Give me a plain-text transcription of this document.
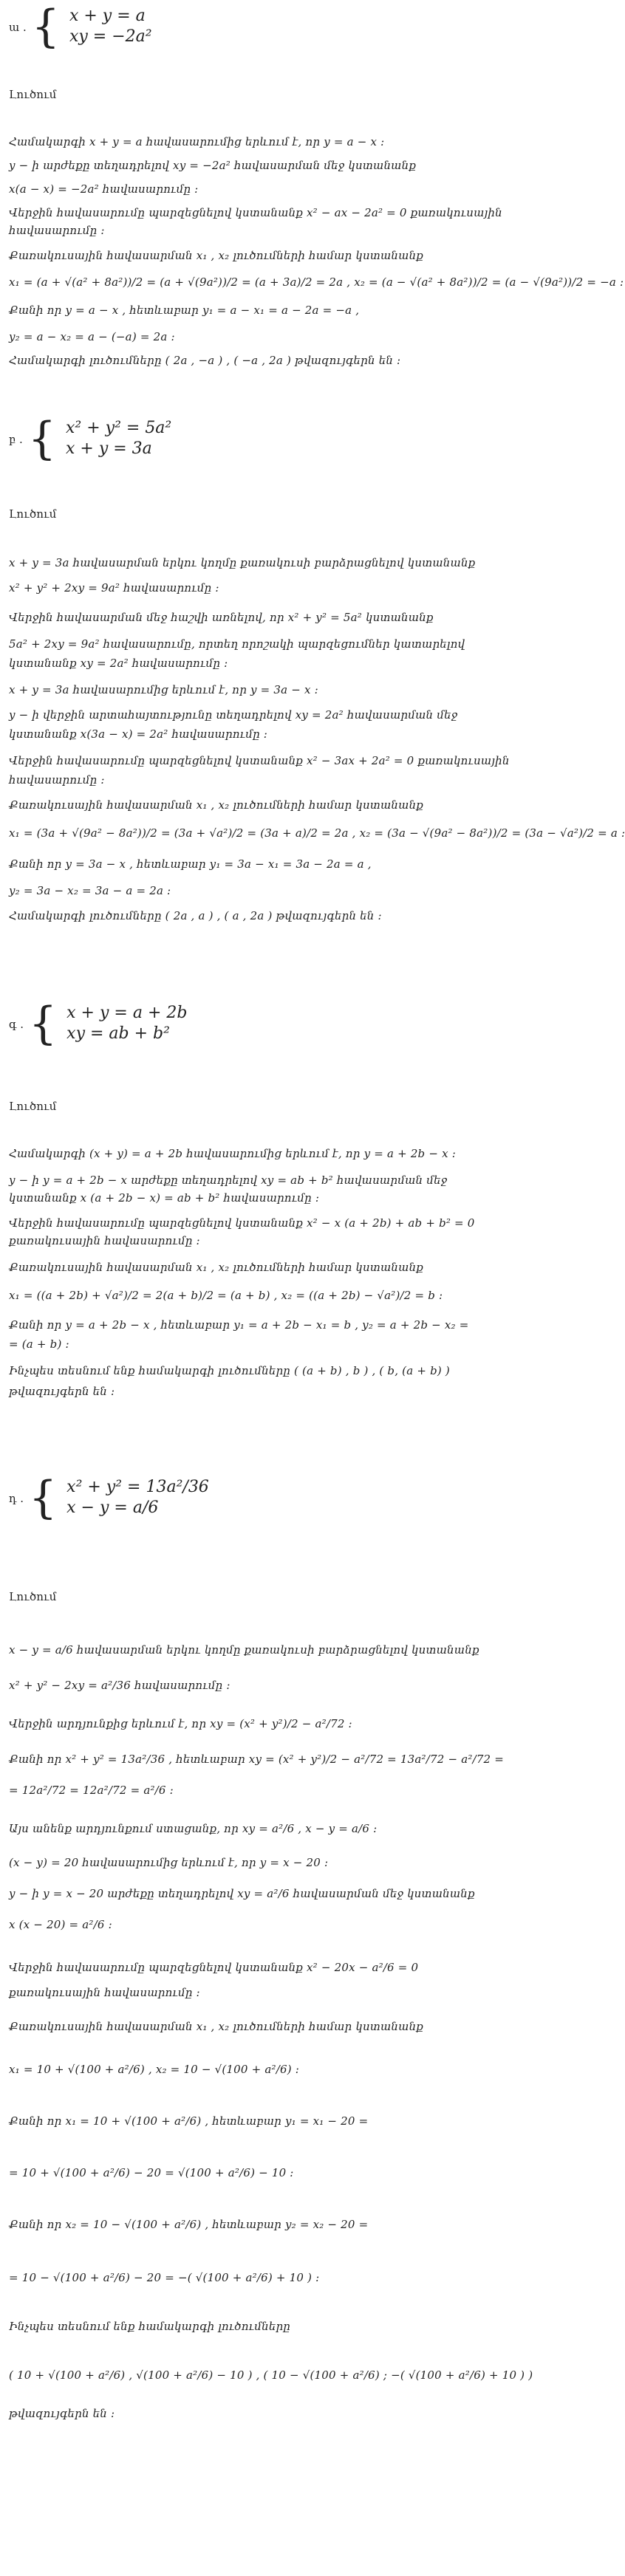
ա . { x + y = a
xy = −2a²
Լուծում
Համակարգի x + y = a հավասարումից երևում է, որ y = a − x :
y − ի արժեքը տեղադրելով xy = −2a² հավասարման մեջ կստանանք
x(a − x) = −2a² հավասարումը :
Վերջին հավասարումը պարզեցնելով կստանանք x² − ax − 2a² = 0 քառակուսային
հավասարումը :
Քառակուսային հավասարման x₁ , x₂ լուծումների համար կստանանք
x₁ = (a + √(a² + 8a²))/2 = (a + √(9a²))/2 = (a + 3a)/2 = 2a , x₂ = (a − √(a² + 8a²))/2 = (a − √(9a²))/2 = −a :
Քանի որ y = a − x , հետևաբար y₁ = a − x₁ = a − 2a = −a ,
y₂ = a − x₂ = a − (−a) = 2a :
Համակարգի լուծումները ( 2a , −a ) , ( −a , 2a ) թվազույգերն են :
բ . { x² + y² = 5a²
x + y = 3a
Լուծում
x + y = 3a հավասարման երկու կողմը քառակուսի բարձրացնելով կստանանք
x² + y² + 2xy = 9a² հավասարումը :
Վերջին հավասարման մեջ հաշվի առնելով, որ x² + y² = 5a² կստանանք
5a² + 2xy = 9a² հավասարումը, որտեղ որոշակի պարզեցումներ կատարելով
կստանանք xy = 2a² հավասարումը :
x + y = 3a հավասարումից երևում է, որ y = 3a − x :
y − ի վերջին արտահայտությունը տեղադրելով xy = 2a² հավասարման մեջ
կստանանք x(3a − x) = 2a² հավասարումը :
Վերջին հավասարումը պարզեցնելով կստանանք x² − 3ax + 2a² = 0 քառակուսային
հավասարումը :
Քառակուսային հավասարման x₁ , x₂ լուծումների համար կստանանք
x₁ = (3a + √(9a² − 8a²))/2 = (3a + √a²)/2 = (3a + a)/2 = 2a , x₂ = (3a − √(9a² − 8a²))/2 = (3a − √a²)/2 = a :
Քանի որ y = 3a − x , հետևաբար y₁ = 3a − x₁ = 3a − 2a = a ,
y₂ = 3a − x₂ = 3a − a = 2a :
Համակարգի լուծումները ( 2a , a ) , ( a , 2a ) թվազույգերն են :
գ . { x + y = a + 2b
xy = ab + b²
Լուծում
Համակարգի (x + y) = a + 2b հավասարումից երևում է, որ y = a + 2b − x :
y − ի y = a + 2b − x արժեքը տեղադրելով xy = ab + b² հավասարման մեջ
կստանանք x (a + 2b − x) = ab + b² հավասարումը :
Վերջին հավասարումը պարզեցնելով կստանանք x² − x (a + 2b) + ab + b² = 0
քառակուսային հավասարումը :
Քառակուսային հավասարման x₁ , x₂ լուծումների համար կստանանք
x₁ = ((a + 2b) + √a²)/2 = 2(a + b)/2 = (a + b) , x₂ = ((a + 2b) − √a²)/2 = b :
Քանի որ y = a + 2b − x , հետևաբար y₁ = a + 2b − x₁ = b , y₂ = a + 2b − x₂ =
= (a + b) :
Ինչպես տեսնում ենք համակարգի լուծումները ( (a + b) , b ) , ( b, (a + b) )
թվազույգերն են :
դ . { x² + y² = 13a²/36
x − y = a/6
Լուծում
x − y = a/6 հավասարման երկու կողմը քառակուսի բարձրացնելով կստանանք
x² + y² − 2xy = a²/36 հավասարումը :
Վերջին արդյունքից երևում է, որ xy = (x² + y²)/2 − a²/72 :
Քանի որ x² + y² = 13a²/36 , հետևաբար xy = (x² + y²)/2 − a²/72 = 13a²/72 − a²/72 =
= 12a²/72 = 12a²/72 = a²/6 :
Այս անենք արդյունքում ստացանք, որ xy = a²/6 , x − y = a/6 :
(x − y) = 20 հավասարումից երևում է, որ y = x − 20 :
y − ի y = x − 20 արժեքը տեղադրելով xy = a²/6 հավասարման մեջ կստանանք
x (x − 20) = a²/6 :
Վերջին հավասարումը պարզեցնելով կստանանք x² − 20x − a²/6 = 0
քառակուսային հավասարումը :
Քառակուսային հավասարման x₁ , x₂ լուծումների համար կստանանք
x₁ = 10 + √(100 + a²/6) , x₂ = 10 − √(100 + a²/6) :
Քանի որ x₁ = 10 + √(100 + a²/6) , հետևաբար y₁ = x₁ − 20 =
= 10 + √(100 + a²/6) − 20 = √(100 + a²/6) − 10 :
Քանի որ x₂ = 10 − √(100 + a²/6) , հետևաբար y₂ = x₂ − 20 =
= 10 − √(100 + a²/6) − 20 = −( √(100 + a²/6) + 10 ) :
Ինչպես տեսնում ենք համակարգի լուծումները
( 10 + √(100 + a²/6) , √(100 + a²/6) − 10 ) , ( 10 − √(100 + a²/6) ; −( √(100 + a²/6) + 10 ) )
թվազույգերն են :
